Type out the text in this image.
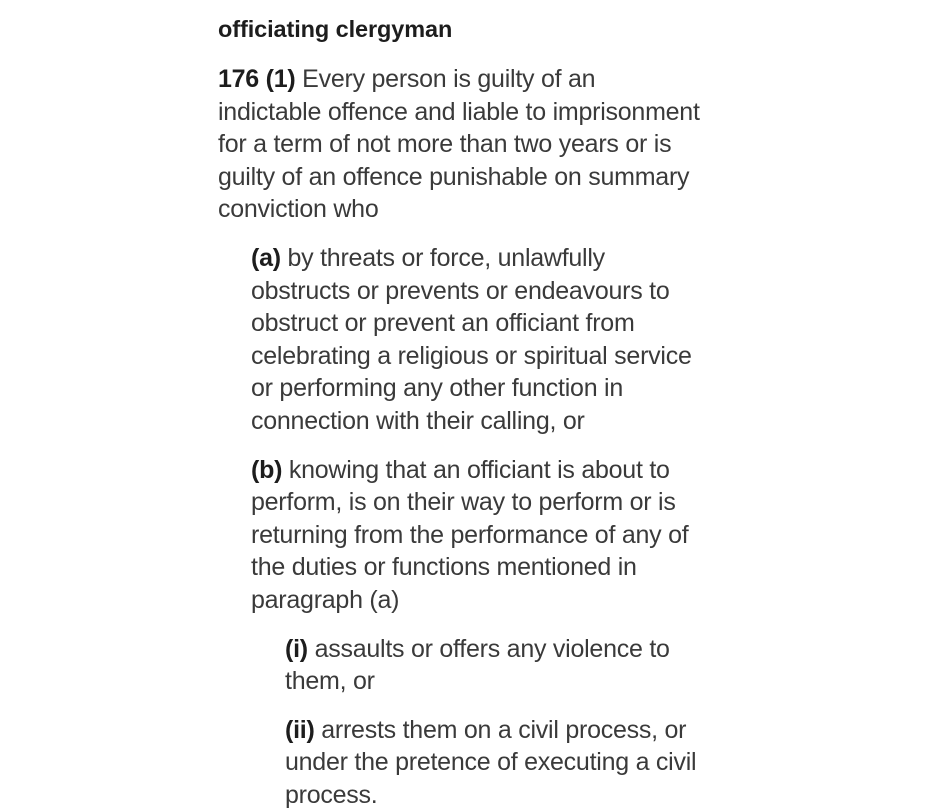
officiating clergyman

176 (1) Every person is guilty of an indictable offence and liable to imprisonment for a term of not more than two years or is guilty of an offence punishable on summary conviction who

(a) by threats or force, unlawfully obstructs or prevents or endeavours to obstruct or prevent an officiant from celebrating a religious or spiritual service or performing any other function in connection with their calling, or

(b) knowing that an officiant is about to perform, is on their way to perform or is returning from the performance of any of the duties or functions mentioned in paragraph (a)

(i) assaults or offers any violence to them, or

(ii) arrests them on a civil process, or under the pretence of executing a civil process.
